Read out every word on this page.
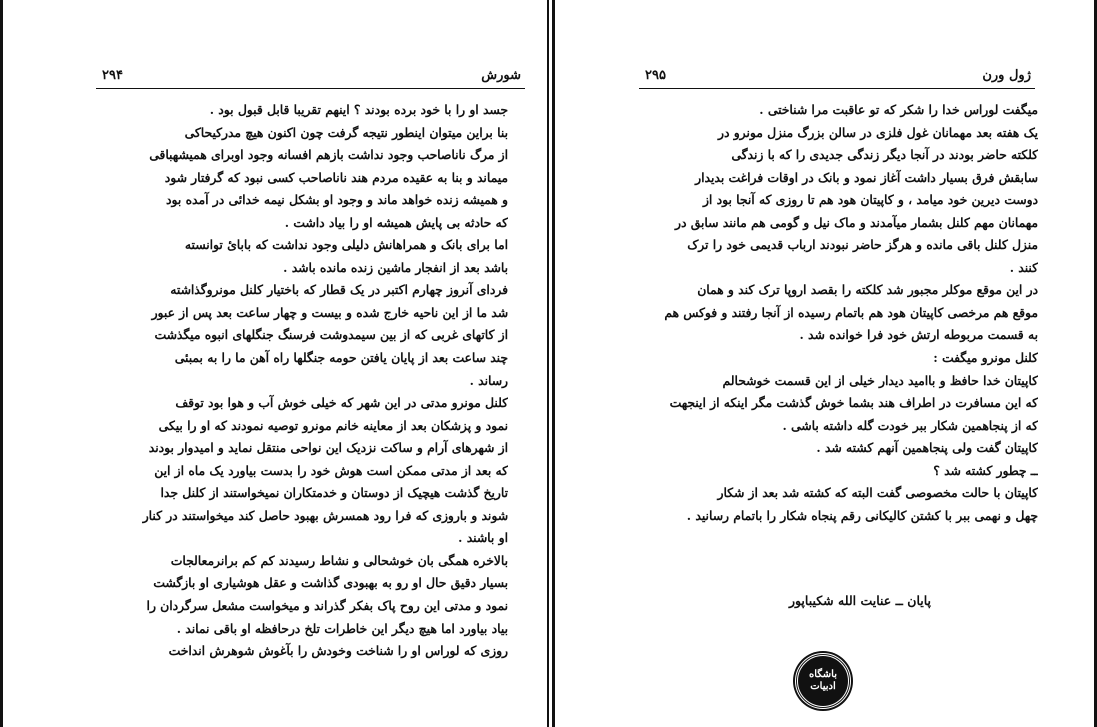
۲۹۴	شورش

جسد او را با خود برده بودند ؟ اینهم تقریبا قابل قبول بود .

بنا براین میتوان اینطور نتیجه گرفت چون اکنون هیچ مدرکیحاکی

از مرگ ناناصاحب وجود نداشت بازهم افسانه وجود اوبرای همیشهباقی

میماند و بنا به عقیده مردم هند ناناصاحب کسی نبود که گرفتار شود

و همیشه زنده خواهد ماند و وجود او بشکل نیمه خدائی در آمده بود

که حادثه بی پایش همیشه او را بیاد داشت .

اما برای بانک و همراهانش دلیلی وجود نداشت که بابائ توانسته

باشد بعد از انفجار ماشین زنده مانده باشد .

فردای آنروز چهارم اکتبر در یک قطار که باختیار کلنل مونروگذاشته

شد ما از این ناحیه خارج شده و بیست و چهار ساعت بعد پس از عبور

از کاتهای غربی که از بین سیمدوشت فرسنگ جنگلهای انبوه میگذشت

چند ساعت بعد از پایان یافتن حومه جنگلها راه آهن ما را به بمبئی

رساند .

کلنل مونرو مدتی در این شهر که خیلی خوش آب و هوا بود توقف

نمود و پزشکان بعد از معاینه خانم مونرو توصیه نمودند که او را بیکی

از شهرهای آرام و ساکت نزدیک این نواحی منتقل نماید و امیدوار بودند

که بعد از مدتی ممکن است هوش خود را بدست بیاورد یک ماه از این

تاریخ گذشت هیچیک از دوستان و خدمتکاران نمیخواستند از کلنل جدا

شوند و باروزی که فرا رود همسرش بهبود حاصل کند میخواستند در کنار

او باشند .

بالاخره همگی بان خوشحالی و نشاط رسیدند کم کم برانرمعالجات

بسیار دقیق حال او رو به بهبودی گذاشت و عقل هوشیاری او بازگشت

نمود و مدتی این روح پاک بفکر گذراند و میخواست مشعل سرگردان را

بیاد بیاورد اما هیچ دیگر این خاطرات تلخ درحافظه او باقی نماند .

روزی که لوراس او را شناخت وخودش را بآغوش شوهرش انداخت

۲۹۵	ژول ورن

میگفت لوراس خدا را شکر که تو عاقبت مرا شناختی .

یک هفته بعد مهمانان غول فلزی در سالن بزرگ منزل مونرو در

کلکته حاضر بودند در آنجا دیگر زندگی جدیدی را که با زندگی

سابقش فرق بسیار داشت آغاز نمود و بانک در اوقات فراغت بدیدار

دوست دیرین خود میامد ، و کاپیتان هود هم تا روزی که آنجا بود از

مهمانان مهم کلنل بشمار میآمدند و ماک نیل و گومی هم مانند سابق در

منزل کلنل باقی مانده و هرگز حاضر نبودند ارباب قدیمی خود را ترک

کنند .

در این موقع موکلر مجبور شد کلکته را بقصد اروپا ترک کند و همان

موقع هم مرخصی کاپیتان هود هم باتمام رسیده از آنجا رفتند و فوکس هم

به قسمت مربوطه ارتش خود فرا خوانده شد .

کلنل مونرو میگفت :

کاپیتان خدا حافظ و باامید دیدار خیلی از این قسمت خوشحالم

که این مسافرت در اطراف هند بشما خوش گذشت مگر اینکه از اینجهت

که از پنجاهمین شکار ببر خودت گله داشته باشی .

کاپیتان گفت ولی پنجاهمین آنهم کشته شد .

ــ چطور کشته شد ؟

کاپیتان با حالت مخصوصی گفت البته که کشته شد بعد از شکار

چهل و نهمی ببر با کشتن کالیکانی رقم پنجاه شکار را باتمام رسانید .

پایان ــ عنایت الله شکیباپور
باشگاه ادبیات
